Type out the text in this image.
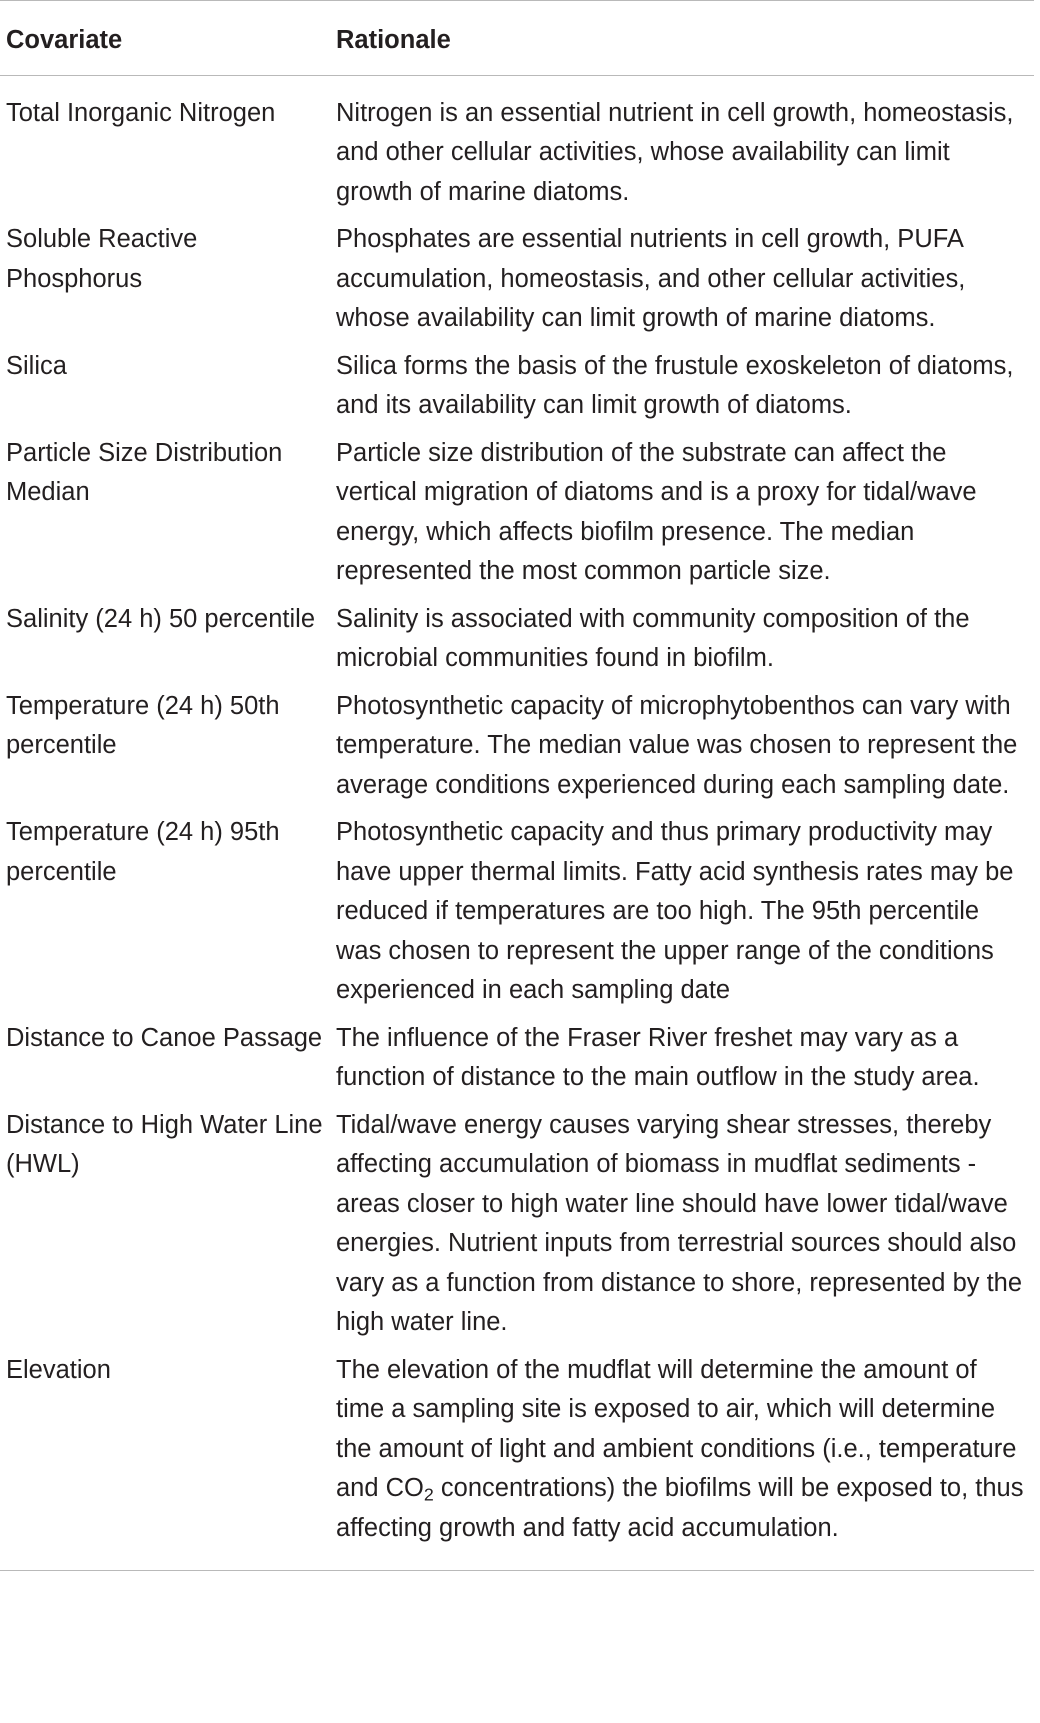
Covariate	Rationale
Total Inorganic Nitrogen	Nitrogen is an essential nutrient in cell growth, homeostasis, and other cellular activities, whose availability can limit growth of marine diatoms.
Soluble Reactive Phosphorus	Phosphates are essential nutrients in cell growth, PUFA accumulation, homeostasis, and other cellular activities, whose availability can limit growth of marine diatoms.
Silica	Silica forms the basis of the frustule exoskeleton of diatoms, and its availability can limit growth of diatoms.
Particle Size Distribution Median	Particle size distribution of the substrate can affect the vertical migration of diatoms and is a proxy for tidal/wave energy, which affects biofilm presence. The median represented the most common particle size.
Salinity (24 h) 50 percentile	Salinity is associated with community composition of the microbial communities found in biofilm.
Temperature (24 h) 50th percentile	Photosynthetic capacity of microphytobenthos can vary with temperature. The median value was chosen to represent the average conditions experienced during each sampling date.
Temperature (24 h) 95th percentile	Photosynthetic capacity and thus primary productivity may have upper thermal limits. Fatty acid synthesis rates may be reduced if temperatures are too high. The 95th percentile was chosen to represent the upper range of the conditions experienced in each sampling date
Distance to Canoe Passage	The influence of the Fraser River freshet may vary as a function of distance to the main outflow in the study area.
Distance to High Water Line (HWL)	Tidal/wave energy causes varying shear stresses, thereby affecting accumulation of biomass in mudflat sediments - areas closer to high water line should have lower tidal/wave energies. Nutrient inputs from terrestrial sources should also vary as a function from distance to shore, represented by the high water line.
Elevation	The elevation of the mudflat will determine the amount of time a sampling site is exposed to air, which will determine the amount of light and ambient conditions (i.e., temperature and $CO_2$ concentrations) the biofilms will be exposed to, thus affecting growth and fatty acid accumulation.
